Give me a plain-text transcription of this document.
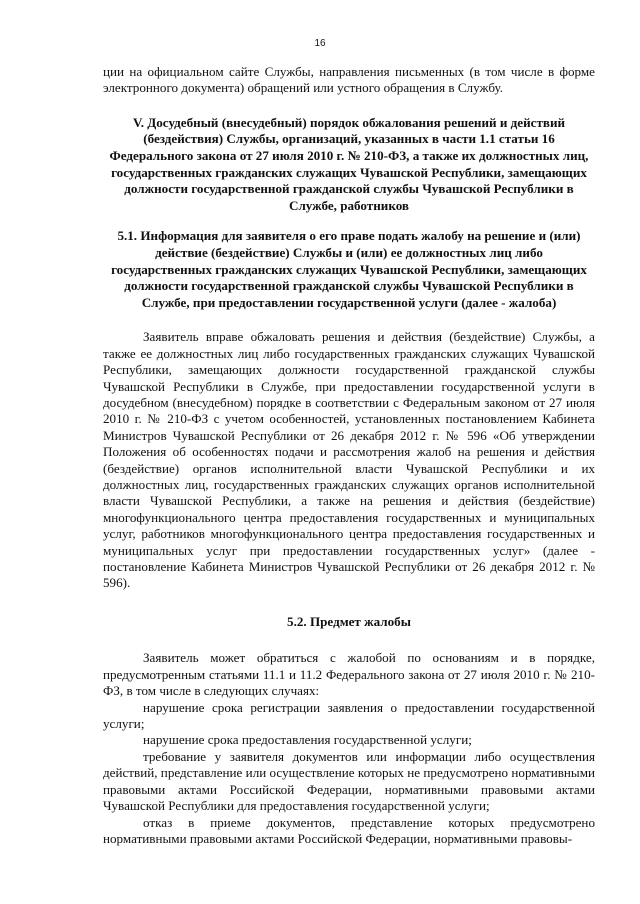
16

ции на официальном сайте Службы, направления письменных (в том числе в форме электронного документа) обращений или устного обращения в Службу.

V. Досудебный (внесудебный) порядок обжалования решений и действий (бездействия) Службы, организаций, указанных в части 1.1 статьи 16 Федерального закона от 27 июля 2010 г. № 210-ФЗ, а также их должностных лиц, государственных гражданских служащих Чувашской Республики, замещающих должности государственной гражданской службы Чувашской Республики в Службе, работников

5.1. Информация для заявителя о его праве подать жалобу на решение и (или) действие (бездействие) Службы и (или) ее должностных лиц либо государственных гражданских служащих Чувашской Республики, замещающих должности государственной гражданской службы Чувашской Республики в Службе, при предоставлении государственной услуги (далее - жалоба)

Заявитель вправе обжаловать решения и действия (бездействие) Службы, а также ее должностных лиц либо государственных гражданских служащих Чувашской Республики, замещающих должности государственной гражданской службы Чувашской Республики в Службе, при предоставлении государственной услуги в досудебном (внесудебном) порядке в соответствии с Федеральным законом от 27 июля 2010 г. № 210-ФЗ с учетом особенностей, установленных постановлением Кабинета Министров Чувашской Республики от 26 декабря 2012 г. № 596 «Об утверждении Положения об особенностях подачи и рассмотрения жалоб на решения и действия (бездействие) органов исполнительной власти Чувашской Республики и их должностных лиц, государственных гражданских служащих органов исполнительной власти Чувашской Республики, а также на решения и действия (бездействие) многофункционального центра предоставления государственных и муниципальных услуг, работников многофункционального центра предоставления государственных и муниципальных услуг при предоставлении государственных услуг» (далее - постановление Кабинета Министров Чувашской Республики от 26 декабря 2012 г. № 596).

5.2. Предмет жалобы

Заявитель может обратиться с жалобой по основаниям и в порядке, предусмотренным статьями 11.1 и 11.2 Федерального закона от 27 июля 2010 г. № 210-ФЗ, в том числе в следующих случаях:

нарушение срока регистрации заявления о предоставлении государственной услуги;

нарушение срока предоставления государственной услуги;

требование у заявителя документов или информации либо осуществления действий, представление или осуществление которых не предусмотрено нормативными правовыми актами Российской Федерации, нормативными правовыми актами Чувашской Республики для предоставления государственной услуги;

отказ в приеме документов, представление которых предусмотрено нормативными правовыми актами Российской Федерации, нормативными правовы-
